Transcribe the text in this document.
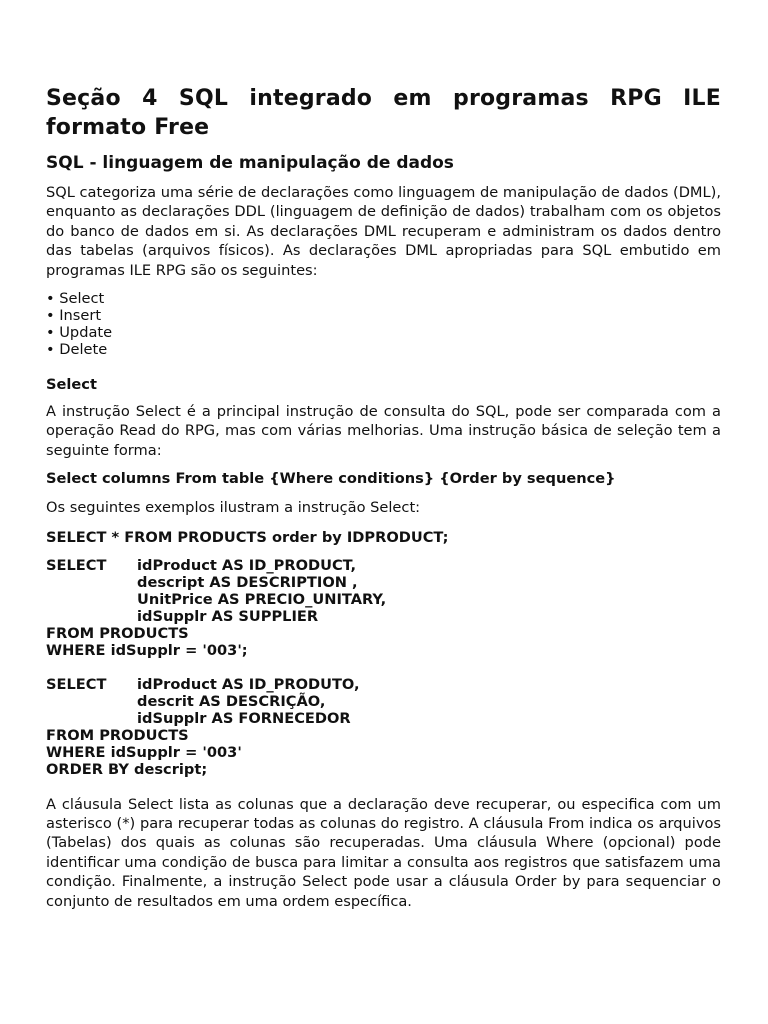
Seção 4 SQL integrado em programas RPG ILE formato Free
SQL - linguagem de manipulação de dados

SQL categoriza uma série de declarações como linguagem de manipulação de dados (DML), enquanto as declarações DDL (linguagem de definição de dados) trabalham com os objetos do banco de dados em si. As declarações DML recuperam e administram os dados dentro das tabelas (arquivos físicos). As declarações DML apropriadas para SQL embutido em programas ILE RPG são os seguintes:

• Select
• Insert
• Update
• Delete
Select

A instrução Select é a principal instrução de consulta do SQL, pode ser comparada com a operação Read do RPG, mas com várias melhorias. Uma instrução básica de seleção tem a seguinte forma:

Select columns From table {Where conditions} {Order by sequence}

Os seguintes exemplos ilustram a instrução Select:

SELECT * FROM PRODUCTS order by IDPRODUCT;
SELECT	idProduct AS ID_PRODUCT,
descript AS DESCRIPTION ,
UnitPrice AS PRECIO_UNITARY,
idSupplr AS SUPPLIER
FROM PRODUCTS
WHERE idSupplr = '003';
SELECT	idProduct AS ID_PRODUTO,
descrit AS DESCRIÇÃO,
idSupplr AS FORNECEDOR
FROM PRODUCTS
WHERE idSupplr = '003'
ORDER BY descript;

A cláusula Select lista as colunas que a declaração deve recuperar, ou especifica com um asterisco (*) para recuperar todas as colunas do registro. A cláusula From indica os arquivos (Tabelas) dos quais as colunas são recuperadas. Uma cláusula Where (opcional) pode identificar uma condição de busca para limitar a consulta aos registros que satisfazem uma condição. Finalmente, a instrução Select pode usar a cláusula Order by para sequenciar o conjunto de resultados em uma ordem específica.
